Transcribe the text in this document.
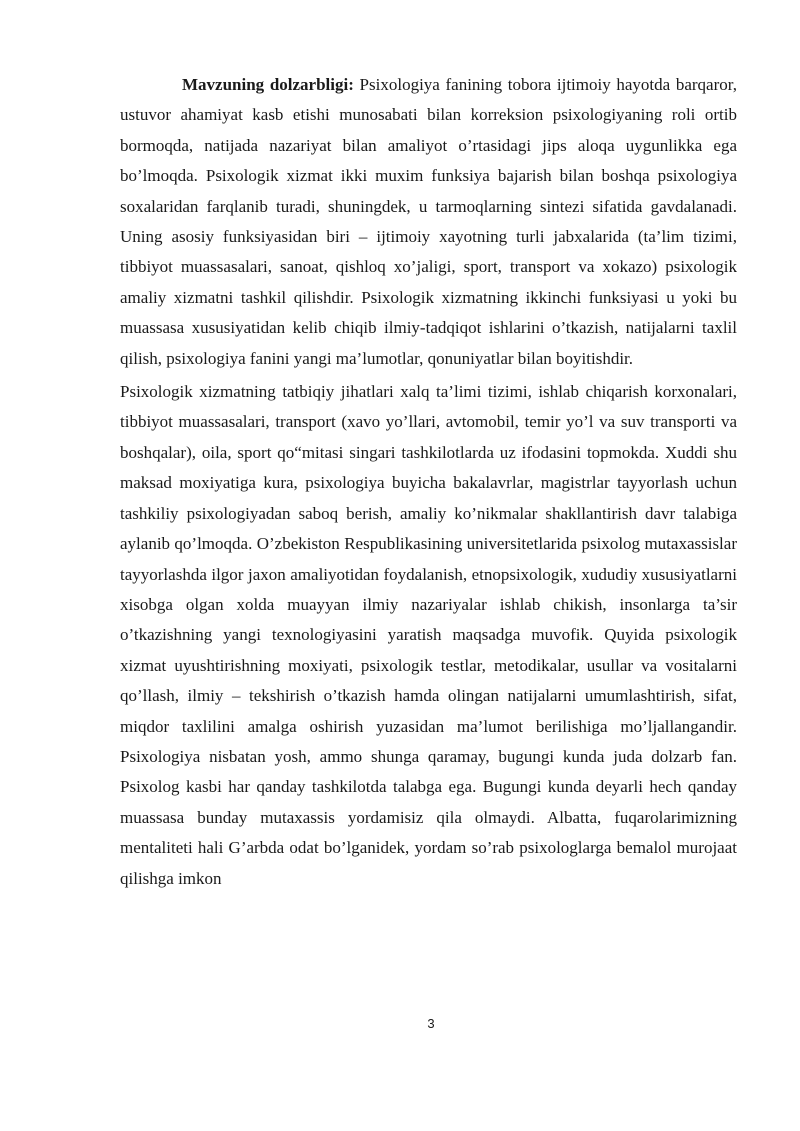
Mavzuning dolzarbligi: Psixologiya fanining tobora ijtimoiy hayotda barqaror, ustuvor ahamiyat kasb etishi munosabati bilan korreksion psixologiyaning roli ortib bormoqda, natijada nazariyat bilan amaliyot o’rtasidagi jips aloqa uygunlikka ega bo’lmoqda. Psixologik xizmat ikki muxim funksiya bajarish bilan boshqa psixologiya soxalaridan farqlanib turadi, shuningdek, u tarmoqlarning sintezi sifatida gavdalanadi. Uning asosiy funksiyasidan biri – ijtimoiy xayotning turli jabxalarida (ta’lim tizimi, tibbiyot muassasalari, sanoat, qishloq xo’jaligi, sport, transport va xokazo) psixologik amaliy xizmatni tashkil qilishdir. Psixologik xizmatning ikkinchi funksiyasi u yoki bu muassasa xususiyatidan kelib chiqib ilmiy-tadqiqot ishlarini o’tkazish, natijalarni taxlil qilish, psixologiya fanini yangi ma’lumotlar, qonuniyatlar bilan boyitishdir.

Psixologik xizmatning tatbiqiy jihatlari xalq ta’limi tizimi, ishlab chiqarish korxonalari, tibbiyot muassasalari, transport (xavo yo’llari, avtomobil, temir yo’l va suv transporti va boshqalar), oila, sport qo“mitasi singari tashkilotlarda uz ifodasini topmokda. Xuddi shu maksad moxiyatiga kura, psixologiya buyicha bakalavrlar, magistrlar tayyorlash uchun tashkiliy psixologiyadan saboq berish, amaliy ko’nikmalar shakllantirish davr talabiga aylanib qo’lmoqda. O’zbekiston Respublikasining universitetlarida psixolog mutaxassislar tayyorlashda ilgor jaxon amaliyotidan foydalanish, etnopsixologik, xududiy xususiyatlarni xisobga olgan xolda muayyan ilmiy nazariyalar ishlab chikish, insonlarga ta’sir o’tkazishning yangi texnologiyasini yaratish maqsadga muvofik. Quyida psixologik xizmat uyushtirishning moxiyati, psixologik testlar, metodikalar, usullar va vositalarni qo’llash, ilmiy – tekshirish o’tkazish hamda olingan natijalarni umumlashtirish, sifat, miqdor taxlilini amalga oshirish yuzasidan ma’lumot berilishiga mo’ljallangandir. Psixologiya nisbatan yosh, ammo shunga qaramay, bugungi kunda juda dolzarb fan. Psixolog kasbi har qanday tashkilotda talabga ega. Bugungi kunda deyarli hech qanday muassasa bunday mutaxassis yordamisiz qila olmaydi. Albatta, fuqarolarimizning mentaliteti hali G’arbda odat bo’lganidek, yordam so’rab psixologlarga bemalol murojaat qilishga imkon

3
